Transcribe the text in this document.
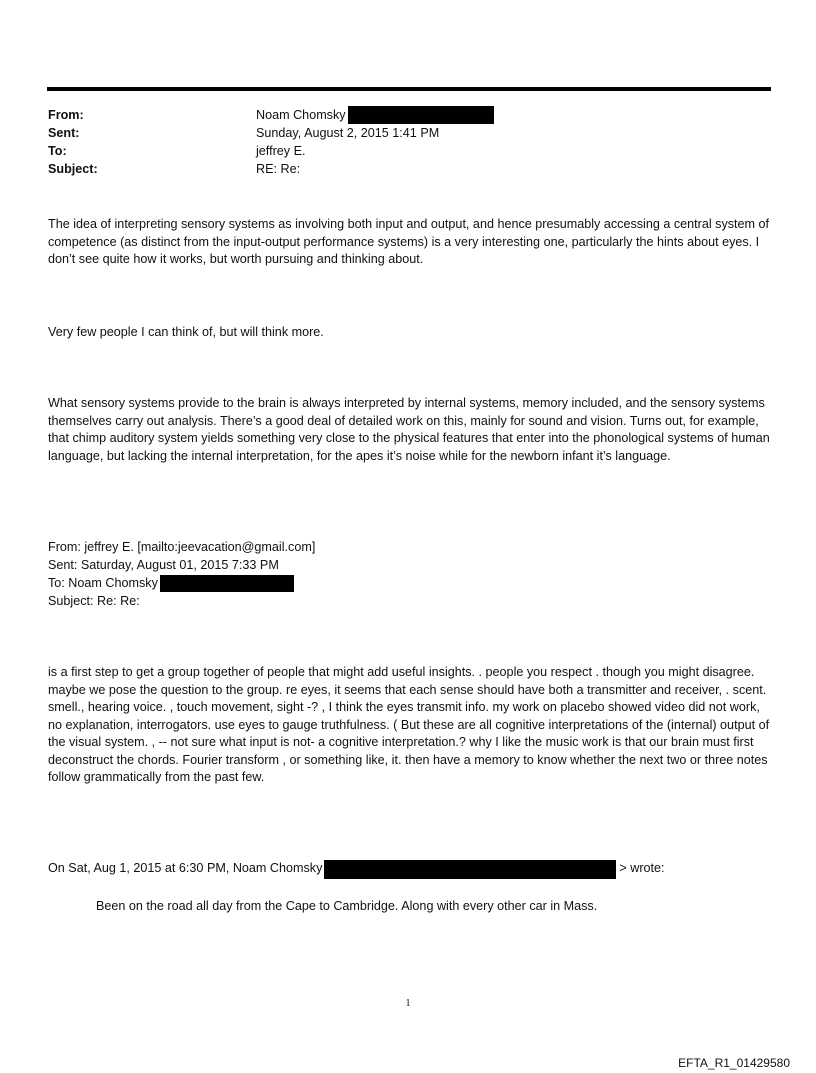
From:	Noam Chomsky
Sent:	Sunday, August 2, 2015 1:41 PM
To:	jeffrey E.
Subject:	RE: Re:

The idea of interpreting sensory systems as involving both input and output, and hence presumably accessing a central system of competence (as distinct from the input-output performance systems) is a very interesting one, particularly the hints about eyes. I don’t see quite how it works, but worth pursuing and thinking about.

Very few people I can think of, but will think more.

What sensory systems provide to the brain is always interpreted by internal systems, memory included, and the sensory systems themselves carry out analysis. There’s a good deal of detailed work on this, mainly for sound and vision. Turns out, for example, that chimp auditory system yields something very close to the physical features that enter into the phonological systems of human language, but lacking the internal interpretation, for the apes it’s noise while for the newborn infant it’s language.

From: jeffrey E. [mailto:jeevacation@gmail.com]
Sent: Saturday, August 01, 2015 7:33 PM
To: Noam Chomsky
Subject: Re: Re:

is a first step to get a group together of people that might add useful insights. . people you respect . though you might disagree. maybe we pose the question to the group. re eyes, it seems that each sense should have both a transmitter and receiver, . scent. smell., hearing voice. , touch movement, sight -? , I think the eyes transmit info. my work on placebo showed video did not work, no explanation, interrogators. use eyes to gauge truthfulness. ( But these are all cognitive interpretations of the (internal) output of the visual system. , -- not sure what input is not- a cognitive interpretation.? why I like the music work is that our brain must first deconstruct the chords. Fourier transform , or something like, it. then have a memory to know whether the next two or three notes follow grammatically from the past few.

On Sat, Aug 1, 2015 at 6:30 PM, Noam Chomsky	> wrote:
Been on the road all day from the Cape to Cambridge. Along with every other car in Mass.
1
EFTA_R1_01429580
